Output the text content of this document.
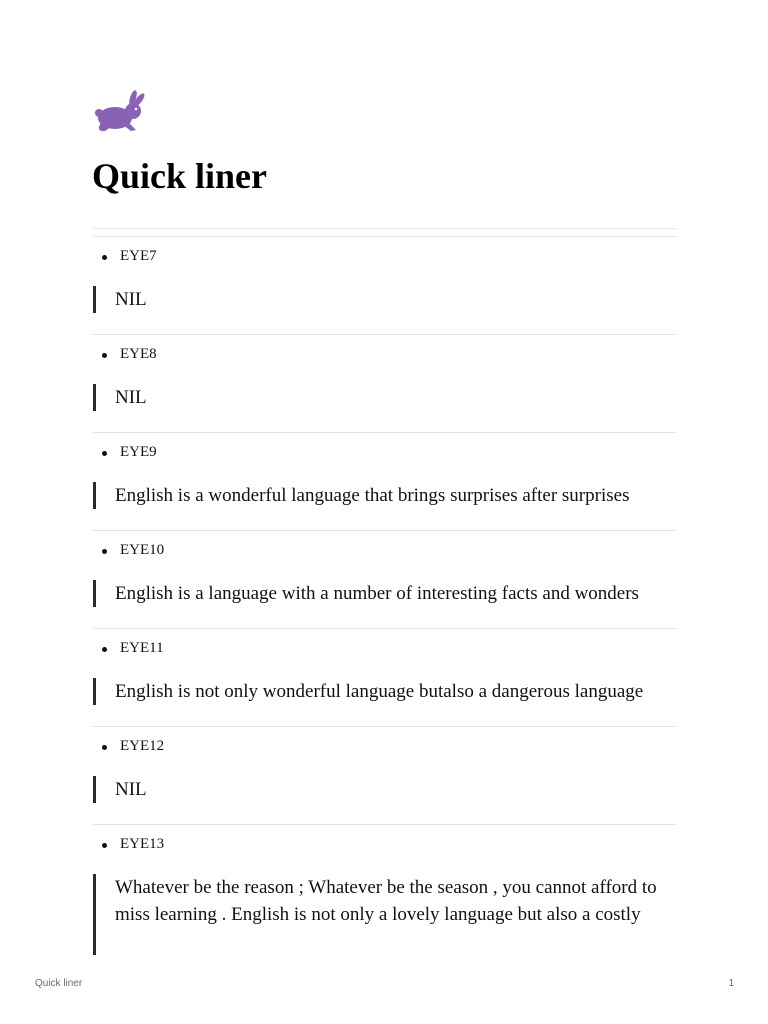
Quick liner
EYE7
NIL
EYE8
NIL
EYE9
English is a wonderful language that brings surprises after surprises
EYE10
English is a language with a number of interesting facts and wonders
EYE11
English is not only wonderful language butalso a dangerous language
EYE12
NIL
EYE13
Whatever be the reason ; Whatever be the season , you cannot afford to miss learning . English is not only a lovely language but also a costly
Quick liner	1
